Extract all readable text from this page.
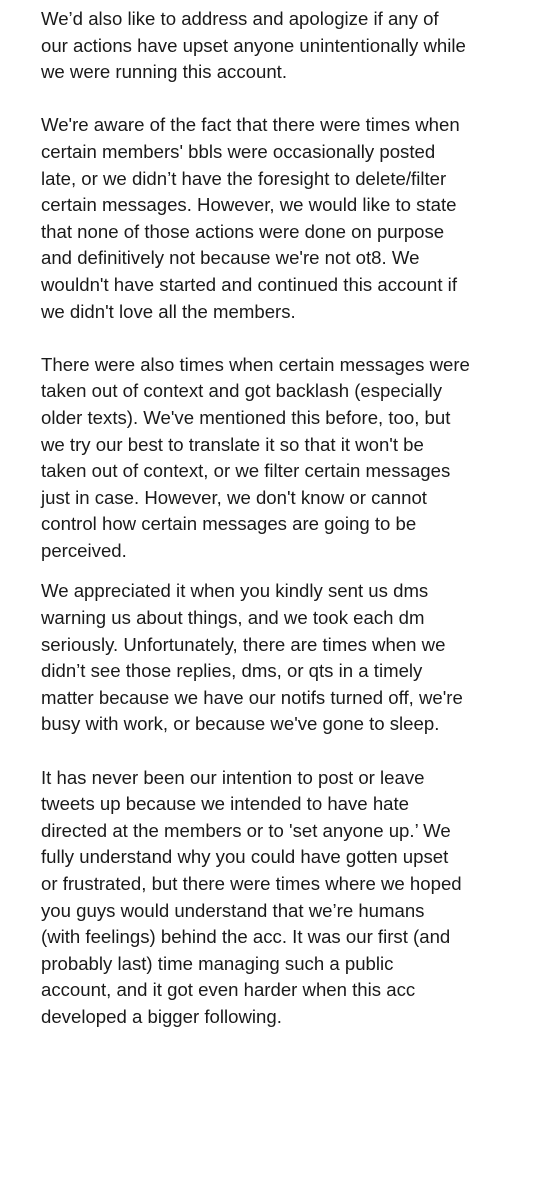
We’d also like to address and apologize if any of
our actions have upset anyone unintentionally while
we were running this account.

We're aware of the fact that there were times when
certain members' bbls were occasionally posted
late, or we didn’t have the foresight to delete/filter
certain messages. However, we would like to state
that none of those actions were done on purpose
and definitively not because we're not ot8. We
wouldn't have started and continued this account if
we didn't love all the members.

There were also times when certain messages were
taken out of context and got backlash (especially
older texts). We've mentioned this before, too, but
we try our best to translate it so that it won't be
taken out of context, or we filter certain messages
just in case. However, we don't know or cannot
control how certain messages are going to be
perceived.

We appreciated it when you kindly sent us dms
warning us about things, and we took each dm
seriously. Unfortunately, there are times when we
didn’t see those replies, dms, or qts in a timely
matter because we have our notifs turned off, we're
busy with work, or because we've gone to sleep.

It has never been our intention to post or leave
tweets up because we intended to have hate
directed at the members or to 'set anyone up.’ We
fully understand why you could have gotten upset
or frustrated, but there were times where we hoped
you guys would understand that we’re humans
(with feelings) behind the acc. It was our first (and
probably last) time managing such a public
account, and it got even harder when this acc
developed a bigger following.
